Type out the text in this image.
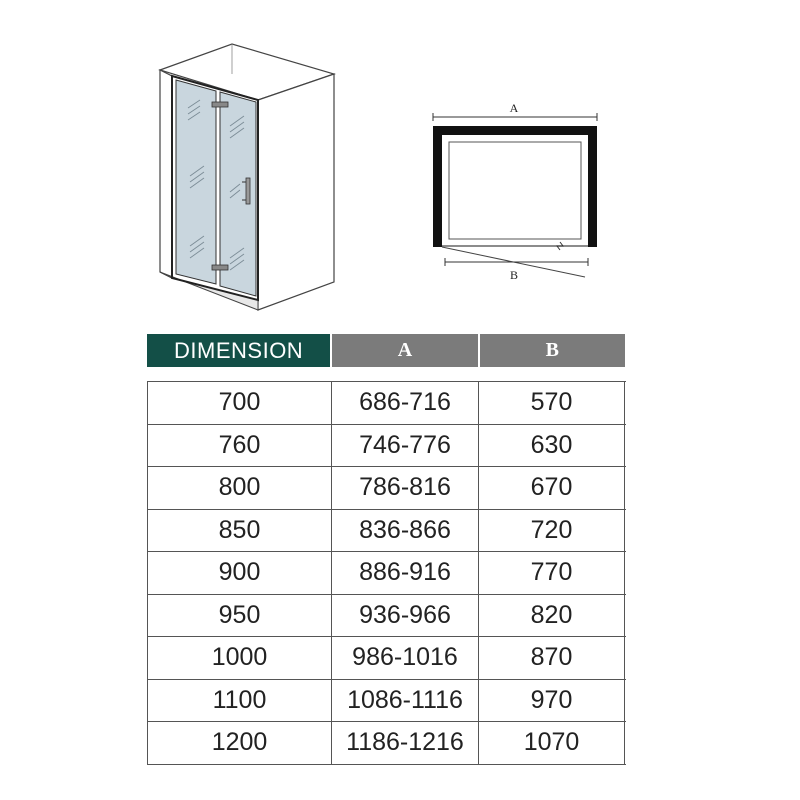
A
B
DIMENSION	A	B
700	686-716	570
760	746-776	630
800	786-816	670
850	836-866	720
900	886-916	770
950	936-966	820
1000	986-1016	870
1100	1086-1116	970
1200	1186-1216	1070
